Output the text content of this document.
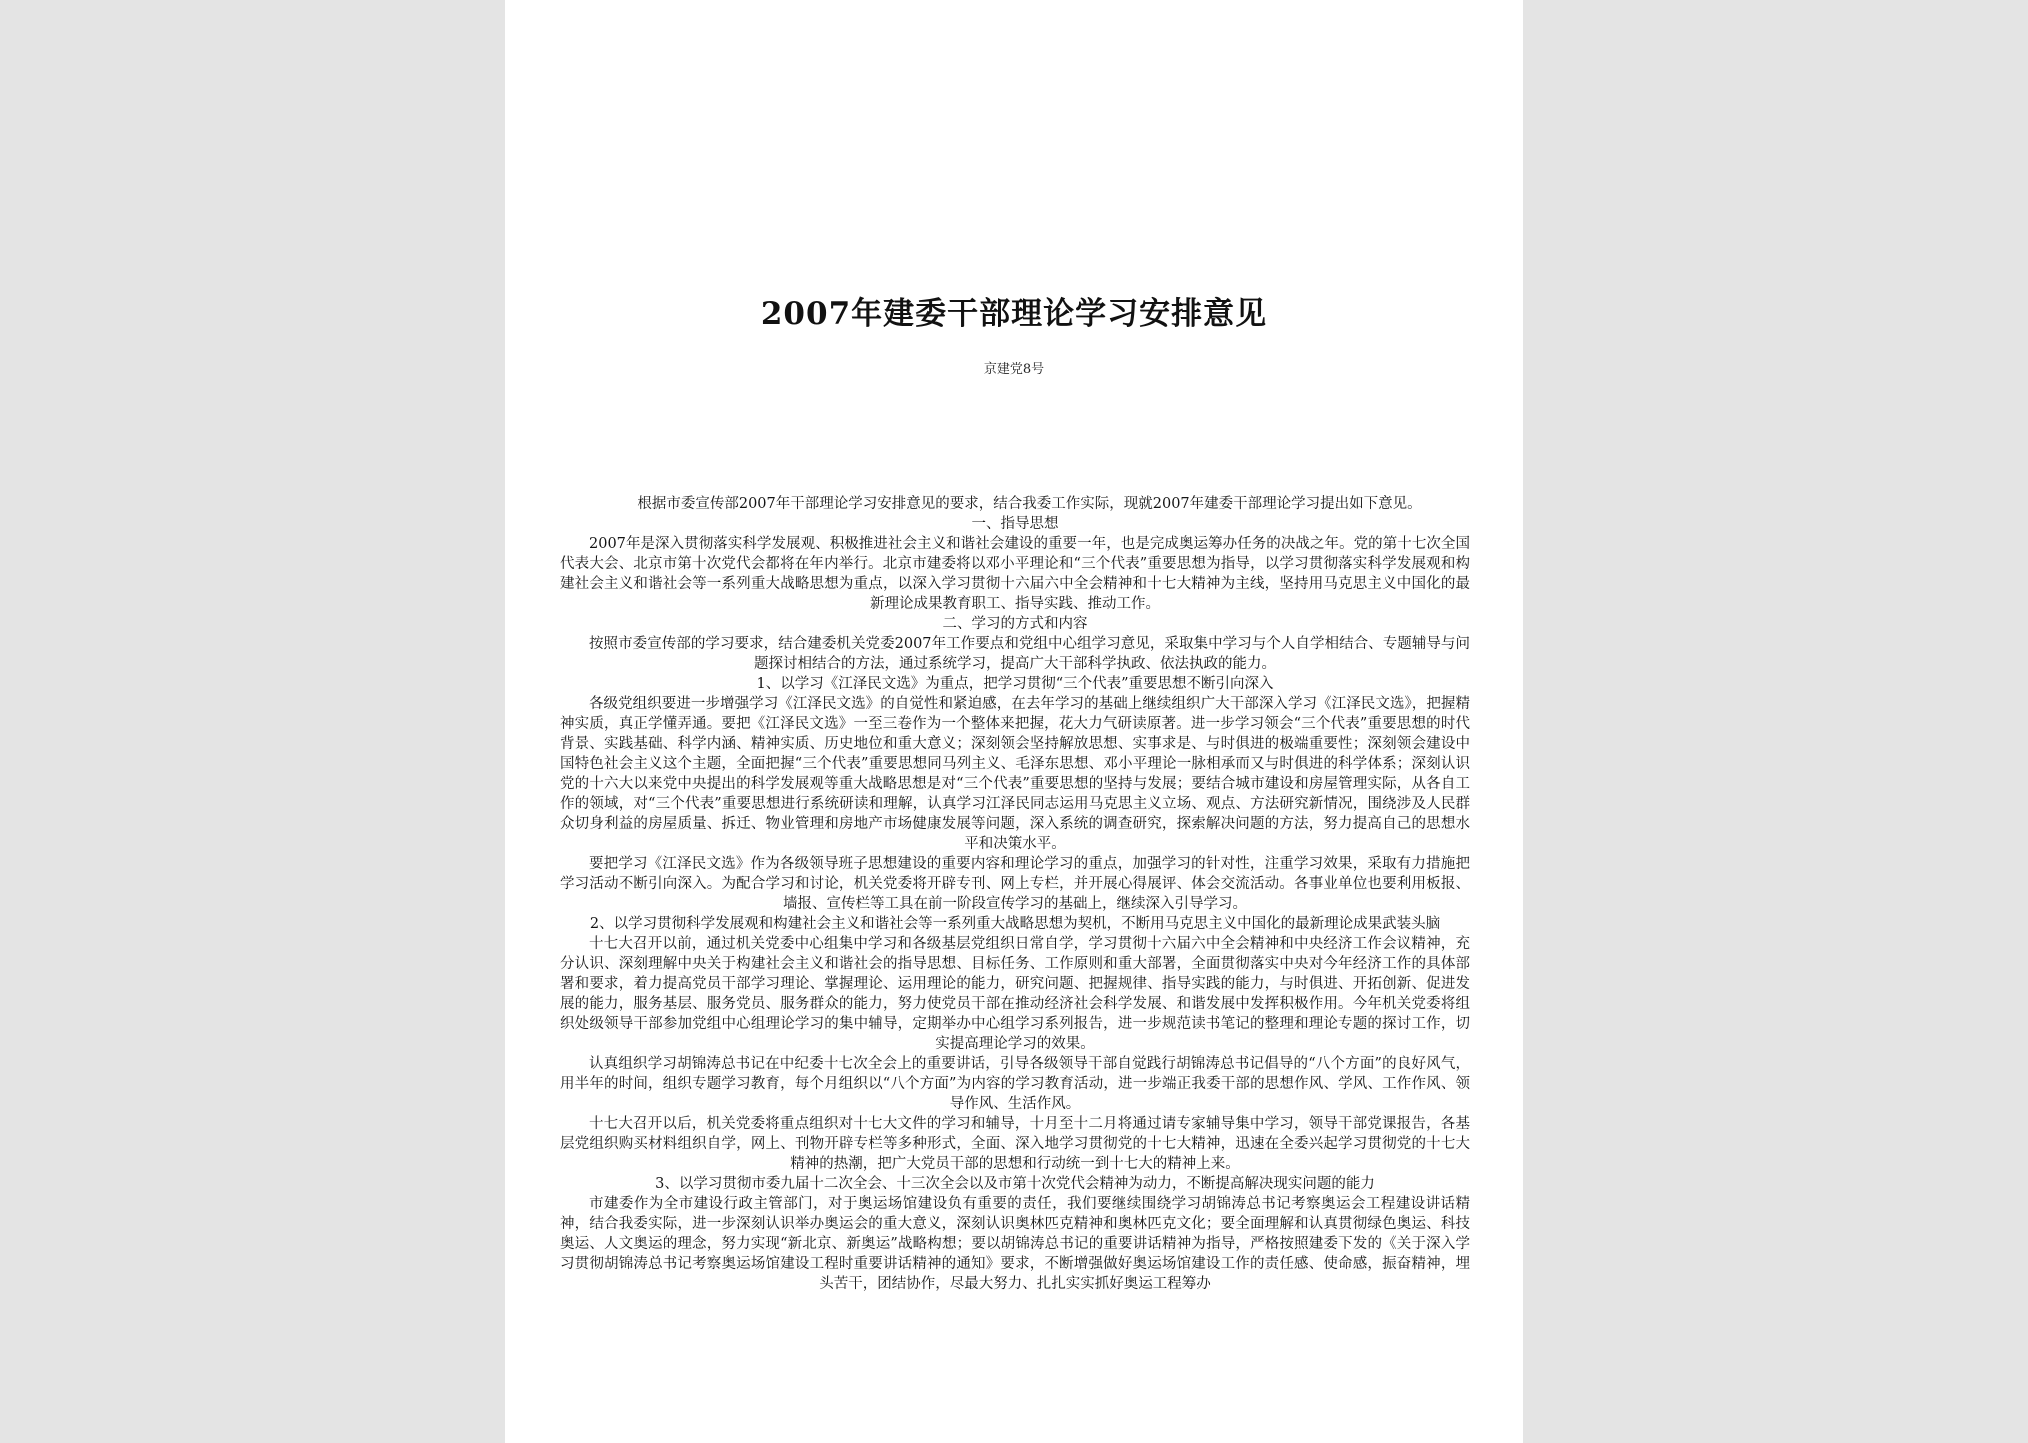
2007年建委干部理论学习安排意见
京建党8号

根据市委宣传部2007年干部理论学习安排意见的要求，结合我委工作实际，现就2007年建委干部理论学习提出如下意见。

一、指导思想

2007年是深入贯彻落实科学发展观、积极推进社会主义和谐社会建设的重要一年，也是完成奥运筹办任务的决战之年。党的第十七次全国代表大会、北京市第十次党代会都将在年内举行。北京市建委将以邓小平理论和“三个代表”重要思想为指导，以学习贯彻落实科学发展观和构建社会主义和谐社会等一系列重大战略思想为重点，以深入学习贯彻十六届六中全会精神和十七大精神为主线，坚持用马克思主义中国化的最新理论成果教育职工、指导实践、推动工作。

二、学习的方式和内容

按照市委宣传部的学习要求，结合建委机关党委2007年工作要点和党组中心组学习意见，采取集中学习与个人自学相结合、专题辅导与问题探讨相结合的方法，通过系统学习，提高广大干部科学执政、依法执政的能力。

1、以学习《江泽民文选》为重点，把学习贯彻“三个代表”重要思想不断引向深入

各级党组织要进一步增强学习《江泽民文选》的自觉性和紧迫感，在去年学习的基础上继续组织广大干部深入学习《江泽民文选》，把握精神实质，真正学懂弄通。要把《江泽民文选》一至三卷作为一个整体来把握，花大力气研读原著。进一步学习领会“三个代表”重要思想的时代背景、实践基础、科学内涵、精神实质、历史地位和重大意义；深刻领会坚持解放思想、实事求是、与时俱进的极端重要性；深刻领会建设中国特色社会主义这个主题，全面把握“三个代表”重要思想同马列主义、毛泽东思想、邓小平理论一脉相承而又与时俱进的科学体系；深刻认识党的十六大以来党中央提出的科学发展观等重大战略思想是对“三个代表”重要思想的坚持与发展；要结合城市建设和房屋管理实际，从各自工作的领域，对“三个代表”重要思想进行系统研读和理解，认真学习江泽民同志运用马克思主义立场、观点、方法研究新情况，围绕涉及人民群众切身利益的房屋质量、拆迁、物业管理和房地产市场健康发展等问题，深入系统的调查研究，探索解决问题的方法，努力提高自己的思想水平和决策水平。

要把学习《江泽民文选》作为各级领导班子思想建设的重要内容和理论学习的重点，加强学习的针对性，注重学习效果，采取有力措施把学习活动不断引向深入。为配合学习和讨论，机关党委将开辟专刊、网上专栏，并开展心得展评、体会交流活动。各事业单位也要利用板报、墙报、宣传栏等工具在前一阶段宣传学习的基础上，继续深入引导学习。

2、以学习贯彻科学发展观和构建社会主义和谐社会等一系列重大战略思想为契机，不断用马克思主义中国化的最新理论成果武装头脑

十七大召开以前，通过机关党委中心组集中学习和各级基层党组织日常自学，学习贯彻十六届六中全会精神和中央经济工作会议精神，充分认识、深刻理解中央关于构建社会主义和谐社会的指导思想、目标任务、工作原则和重大部署，全面贯彻落实中央对今年经济工作的具体部署和要求，着力提高党员干部学习理论、掌握理论、运用理论的能力，研究问题、把握规律、指导实践的能力，与时俱进、开拓创新、促进发展的能力，服务基层、服务党员、服务群众的能力，努力使党员干部在推动经济社会科学发展、和谐发展中发挥积极作用。今年机关党委将组织处级领导干部参加党组中心组理论学习的集中辅导，定期举办中心组学习系列报告，进一步规范读书笔记的整理和理论专题的探讨工作，切实提高理论学习的效果。

认真组织学习胡锦涛总书记在中纪委十七次全会上的重要讲话，引导各级领导干部自觉践行胡锦涛总书记倡导的“八个方面”的良好风气，用半年的时间，组织专题学习教育，每个月组织以“八个方面”为内容的学习教育活动，进一步端正我委干部的思想作风、学风、工作作风、领导作风、生活作风。

十七大召开以后，机关党委将重点组织对十七大文件的学习和辅导，十月至十二月将通过请专家辅导集中学习，领导干部党课报告，各基层党组织购买材料组织自学，网上、刊物开辟专栏等多种形式，全面、深入地学习贯彻党的十七大精神，迅速在全委兴起学习贯彻党的十七大精神的热潮，把广大党员干部的思想和行动统一到十七大的精神上来。

3、以学习贯彻市委九届十二次全会、十三次全会以及市第十次党代会精神为动力，不断提高解决现实问题的能力

市建委作为全市建设行政主管部门，对于奥运场馆建设负有重要的责任，我们要继续围绕学习胡锦涛总书记考察奥运会工程建设讲话精神，结合我委实际，进一步深刻认识举办奥运会的重大意义，深刻认识奥林匹克精神和奥林匹克文化；要全面理解和认真贯彻绿色奥运、科技奥运、人文奥运的理念，努力实现“新北京、新奥运”战略构想；要以胡锦涛总书记的重要讲话精神为指导，严格按照建委下发的《关于深入学习贯彻胡锦涛总书记考察奥运场馆建设工程时重要讲话精神的通知》要求，不断增强做好奥运场馆建设工作的责任感、使命感，振奋精神，埋头苦干，团结协作，尽最大努力、扎扎实实抓好奥运工程筹办
